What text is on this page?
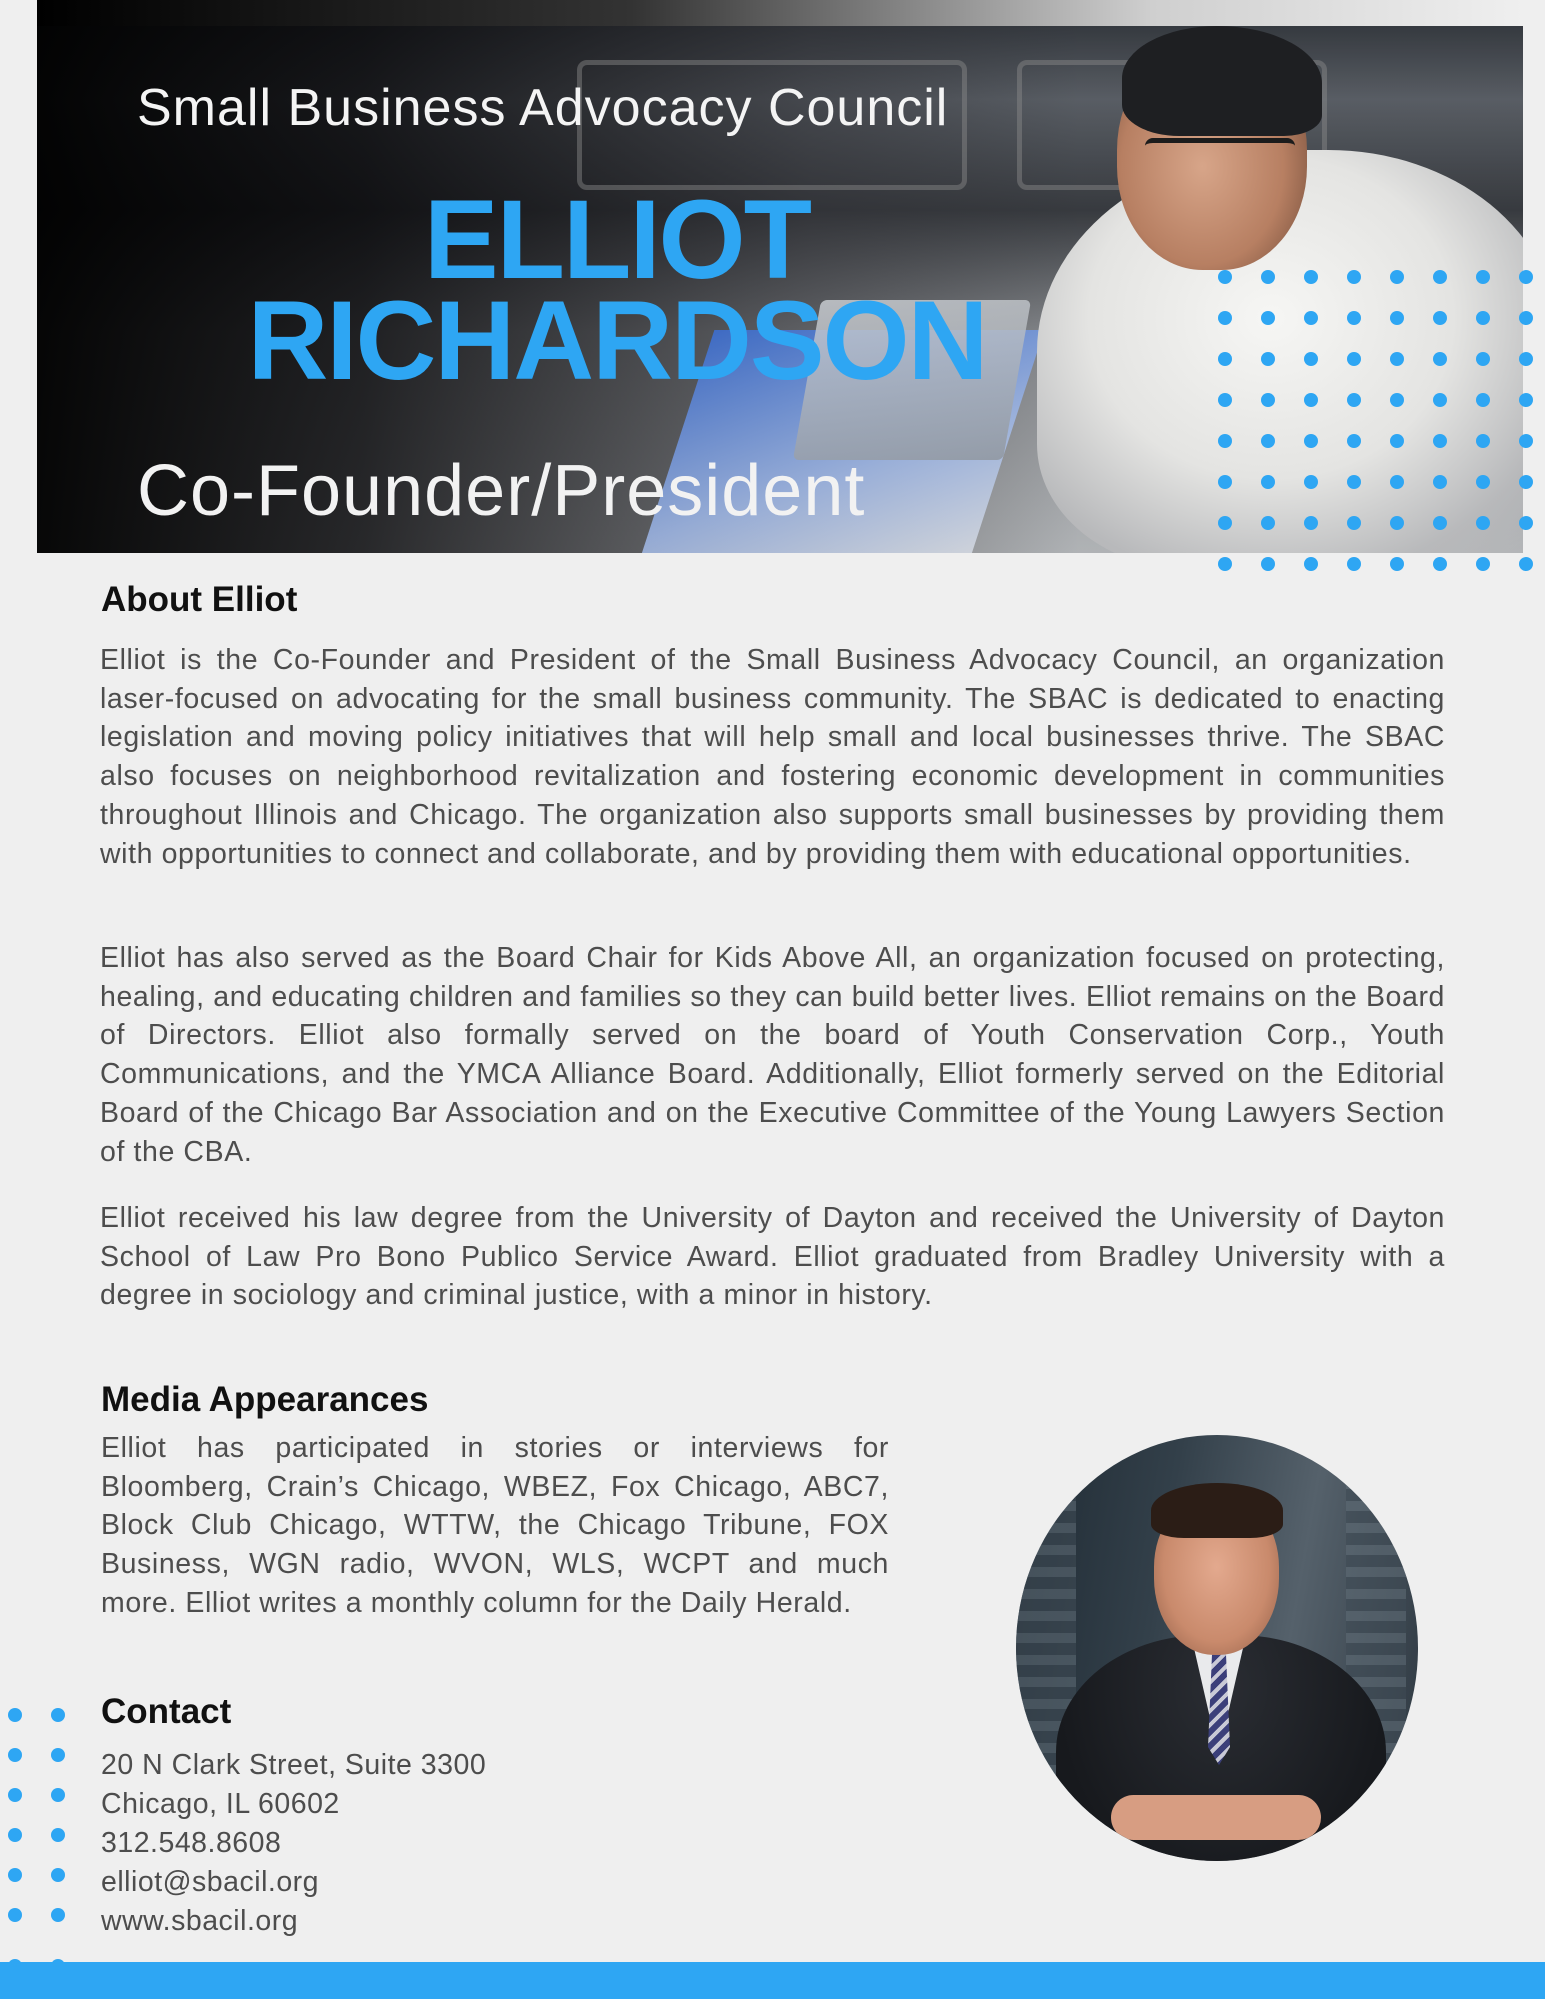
Small Business Advocacy Council
ELLIOT
RICHARDSON
Co-Founder/President
About Elliot

Elliot is the Co-Founder and President of the Small Business Advocacy Council, an organization laser-focused on advocating for the small business community. The SBAC is dedicated to enacting legislation and moving policy initiatives that will help small and local businesses thrive. The SBAC also focuses on neighborhood revitalization and fostering economic development in communities throughout Illinois and Chicago. The organization also supports small businesses by providing them with opportunities to connect and collaborate, and by providing them with educational opportunities.

Elliot has also served as the Board Chair for Kids Above All, an organization focused on protecting, healing, and educating children and families so they can build better lives. Elliot remains on the Board of Directors. Elliot also formally served on the board of Youth Conservation Corp., Youth Communications, and the YMCA Alliance Board. Additionally, Elliot formerly served on the Editorial Board of the Chicago Bar Association and on the Executive Committee of the Young Lawyers Section of the CBA.

Elliot received his law degree from the University of Dayton and received the University of Dayton School of Law Pro Bono Publico Service Award. Elliot graduated from Bradley University with a degree in sociology and criminal justice, with a minor in history.

Media Appearances

Elliot has participated in stories or interviews for Bloomberg, Crain’s Chicago, WBEZ, Fox Chicago, ABC7, Block Club Chicago, WTTW, the Chicago Tribune, FOX Business, WGN radio, WVON, WLS, WCPT and much more. Elliot writes a monthly column for the Daily Herald.

Contact
20 N Clark Street, Suite 3300
Chicago, IL 60602
312.548.8608
elliot@sbacil.org
www.sbacil.org
